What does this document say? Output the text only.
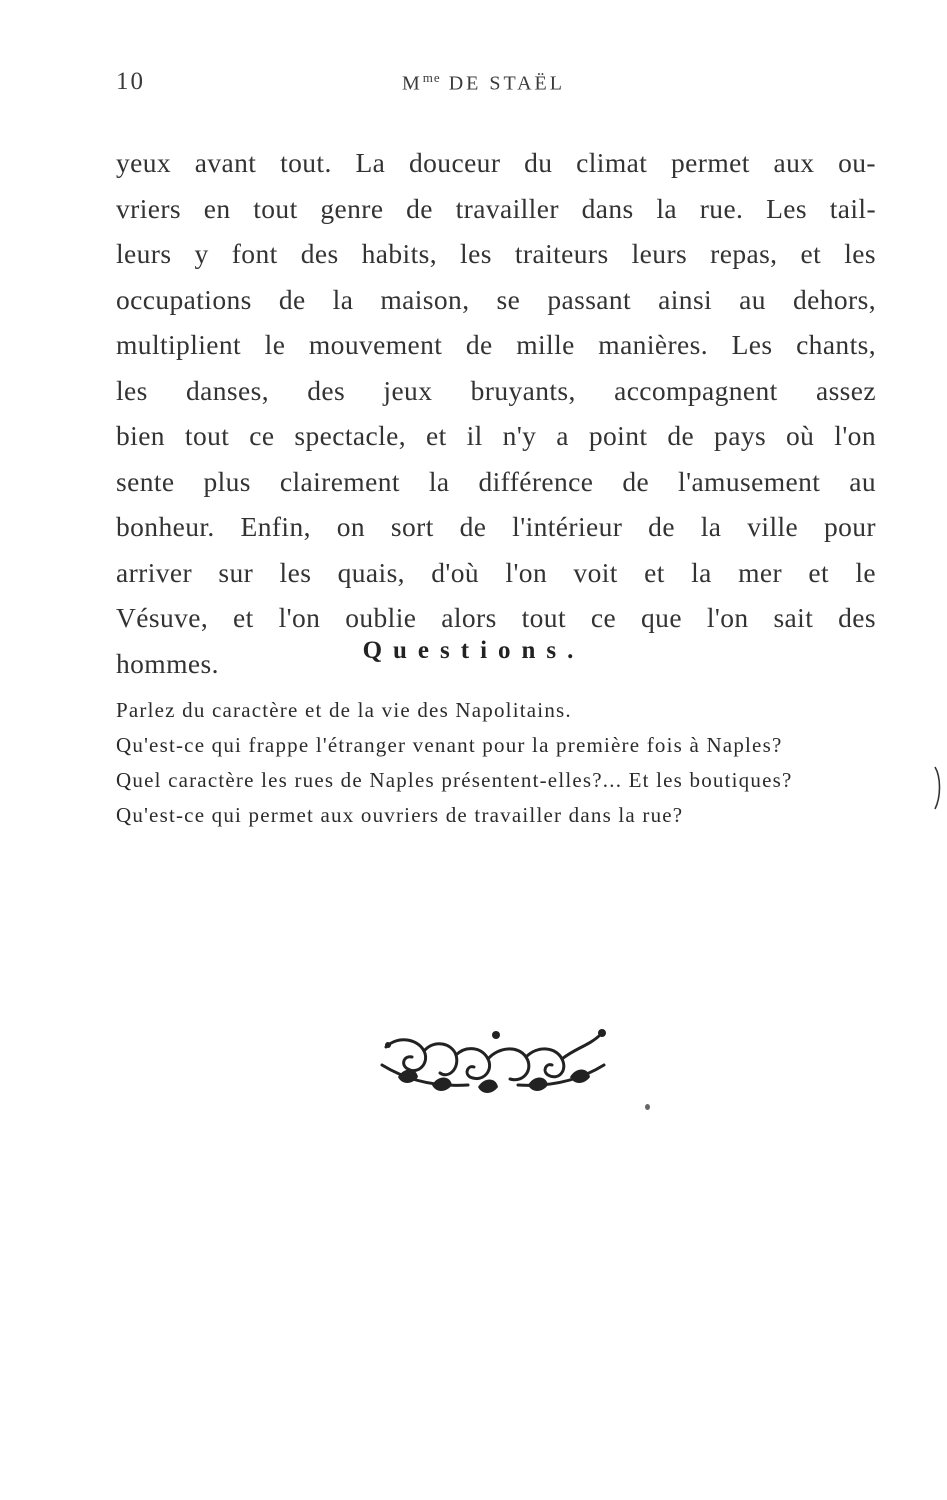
10	$M^{me}$ DE STAËL
yeux avant tout. La douceur du climat permet aux ou-
vriers en tout genre de travailler dans la rue. Les tail-
leurs y font des habits, les traiteurs leurs repas, et les
occupations de la maison, se passant ainsi au dehors,
multiplient le mouvement de mille manières. Les chants,
les danses, des jeux bruyants, accompagnent assez
bien tout ce spectacle, et il n'y a point de pays où l'on
sente plus clairement la différence de l'amusement au
bonheur. Enfin, on sort de l'intérieur de la ville pour
arriver sur les quais, d'où l'on voit et la mer et le
Vésuve, et l'on oublie alors tout ce que l'on sait des
hommes.	Questions.
Parlez du caractère et de la vie des Napolitains.
Qu'est-ce qui frappe l'étranger venant pour la première fois à Naples?
Quel caractère les rues de Naples présentent-elles?... Et les boutiques?
Qu'est-ce qui permet aux ouvriers de travailler dans la rue?
